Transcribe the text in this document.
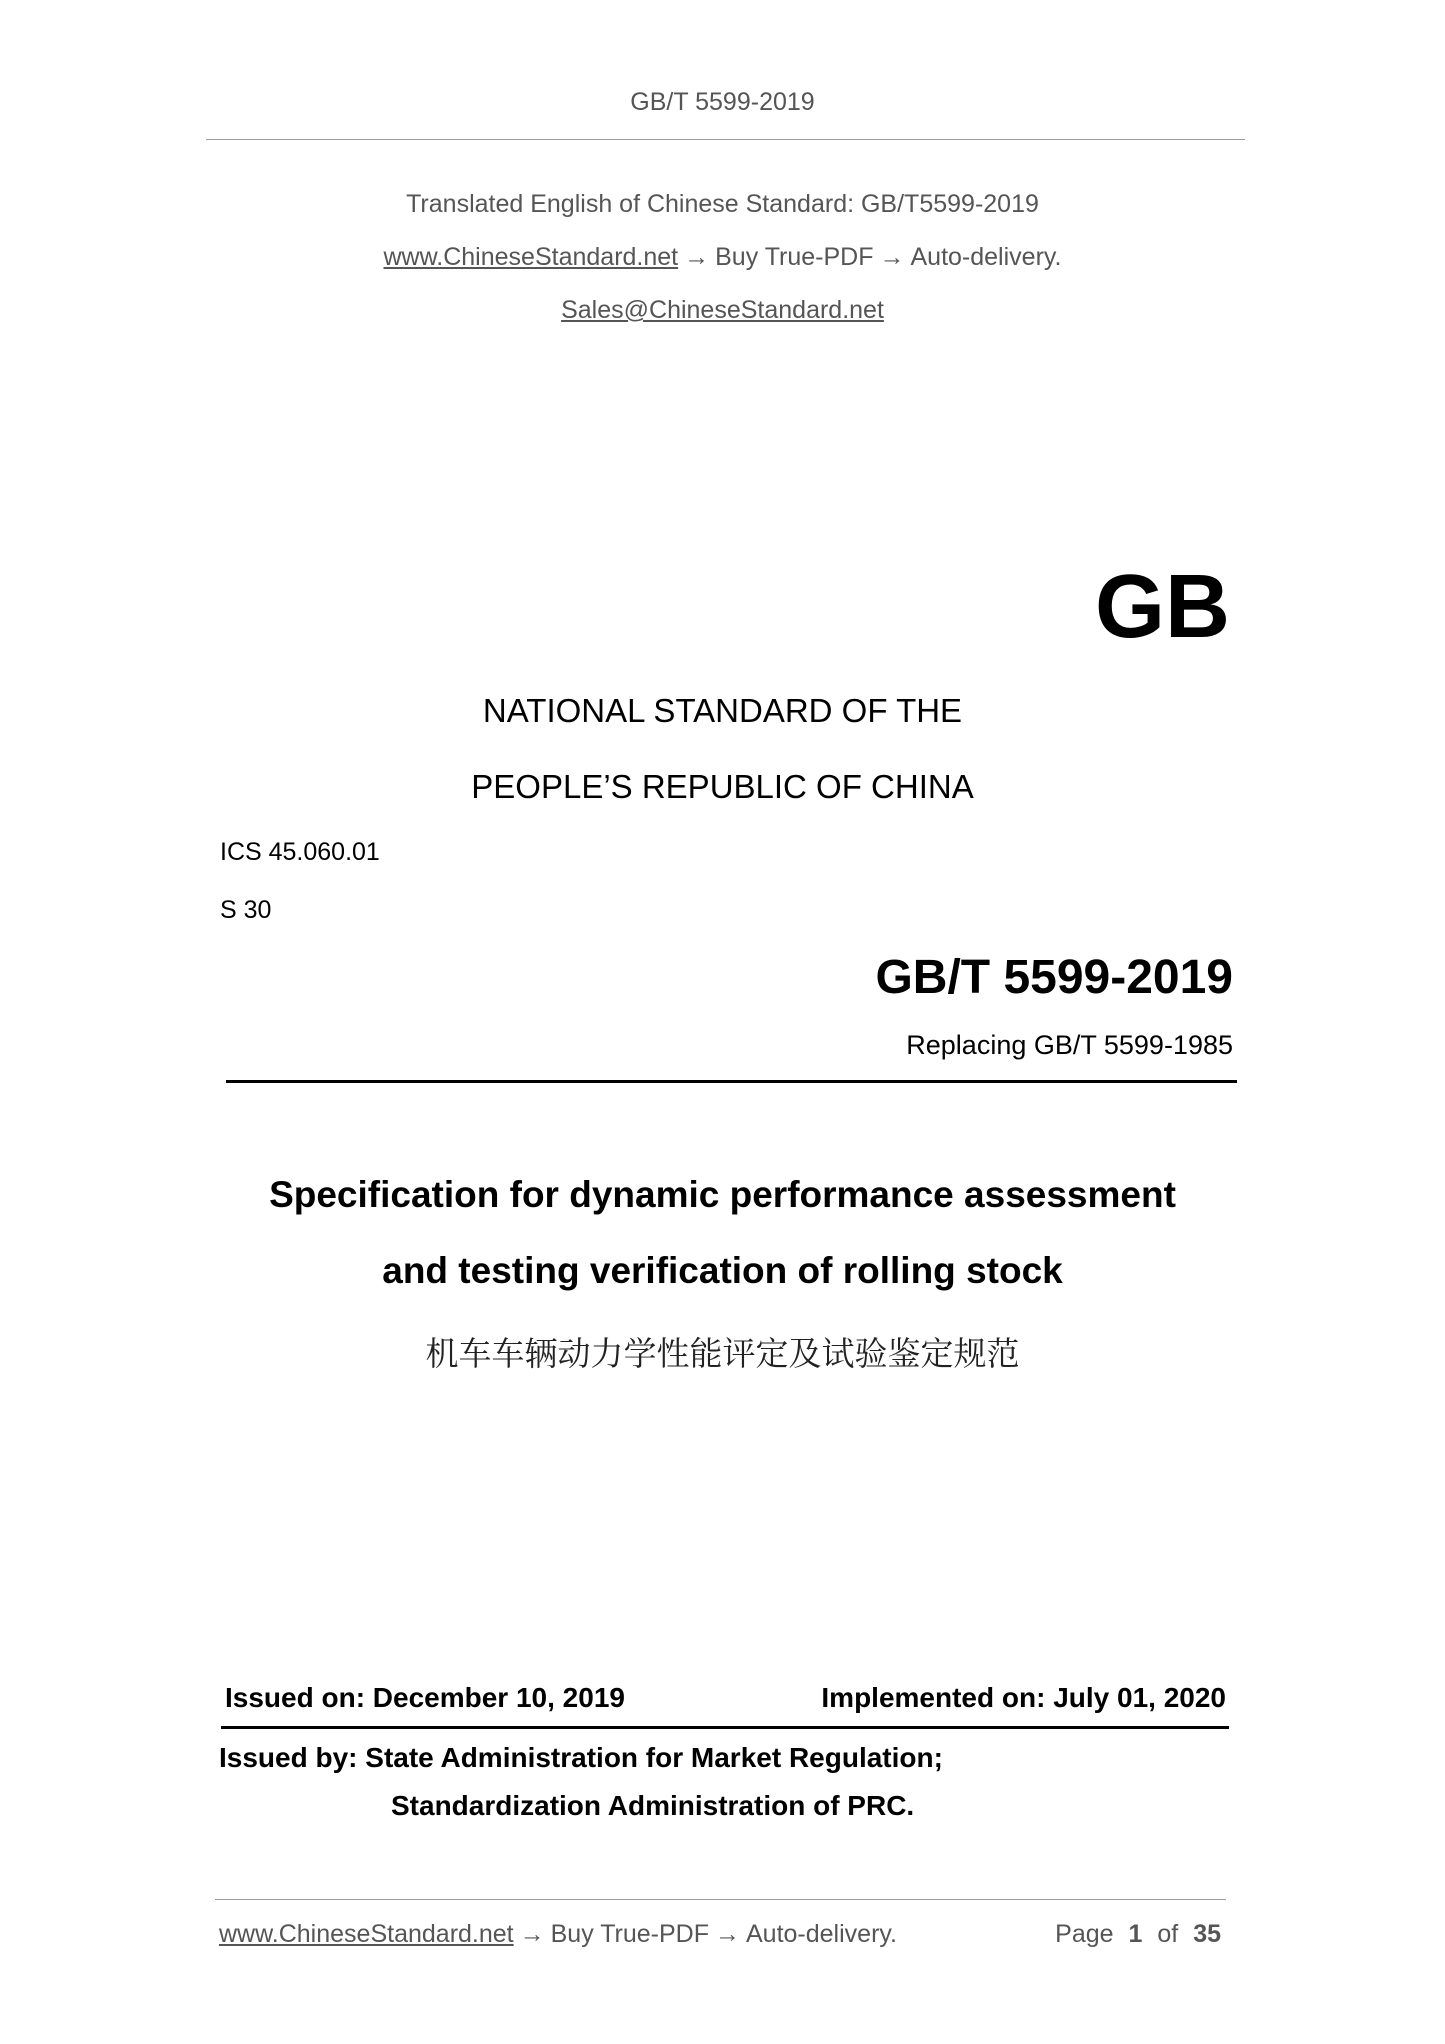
GB/T 5599-2019
Translated English of Chinese Standard: GB/T5599-2019
www.ChineseStandard.net → Buy True-PDF → Auto-delivery.
Sales@ChineseStandard.net
GB
NATIONAL STANDARD OF THE
PEOPLE’S REPUBLIC OF CHINA
ICS 45.060.01
S 30
GB/T 5599-2019
Replacing GB/T 5599-1985
Specification for dynamic performance assessment
and testing verification of rolling stock
机车车辆动力学性能评定及试验鉴定规范
Issued on: December 10, 2019	Implemented on: July 01, 2020
Issued by: State Administration for Market Regulation;
Standardization Administration of PRC.
www.ChineseStandard.net → Buy True-PDF → Auto-delivery.	Page 1 of 35
